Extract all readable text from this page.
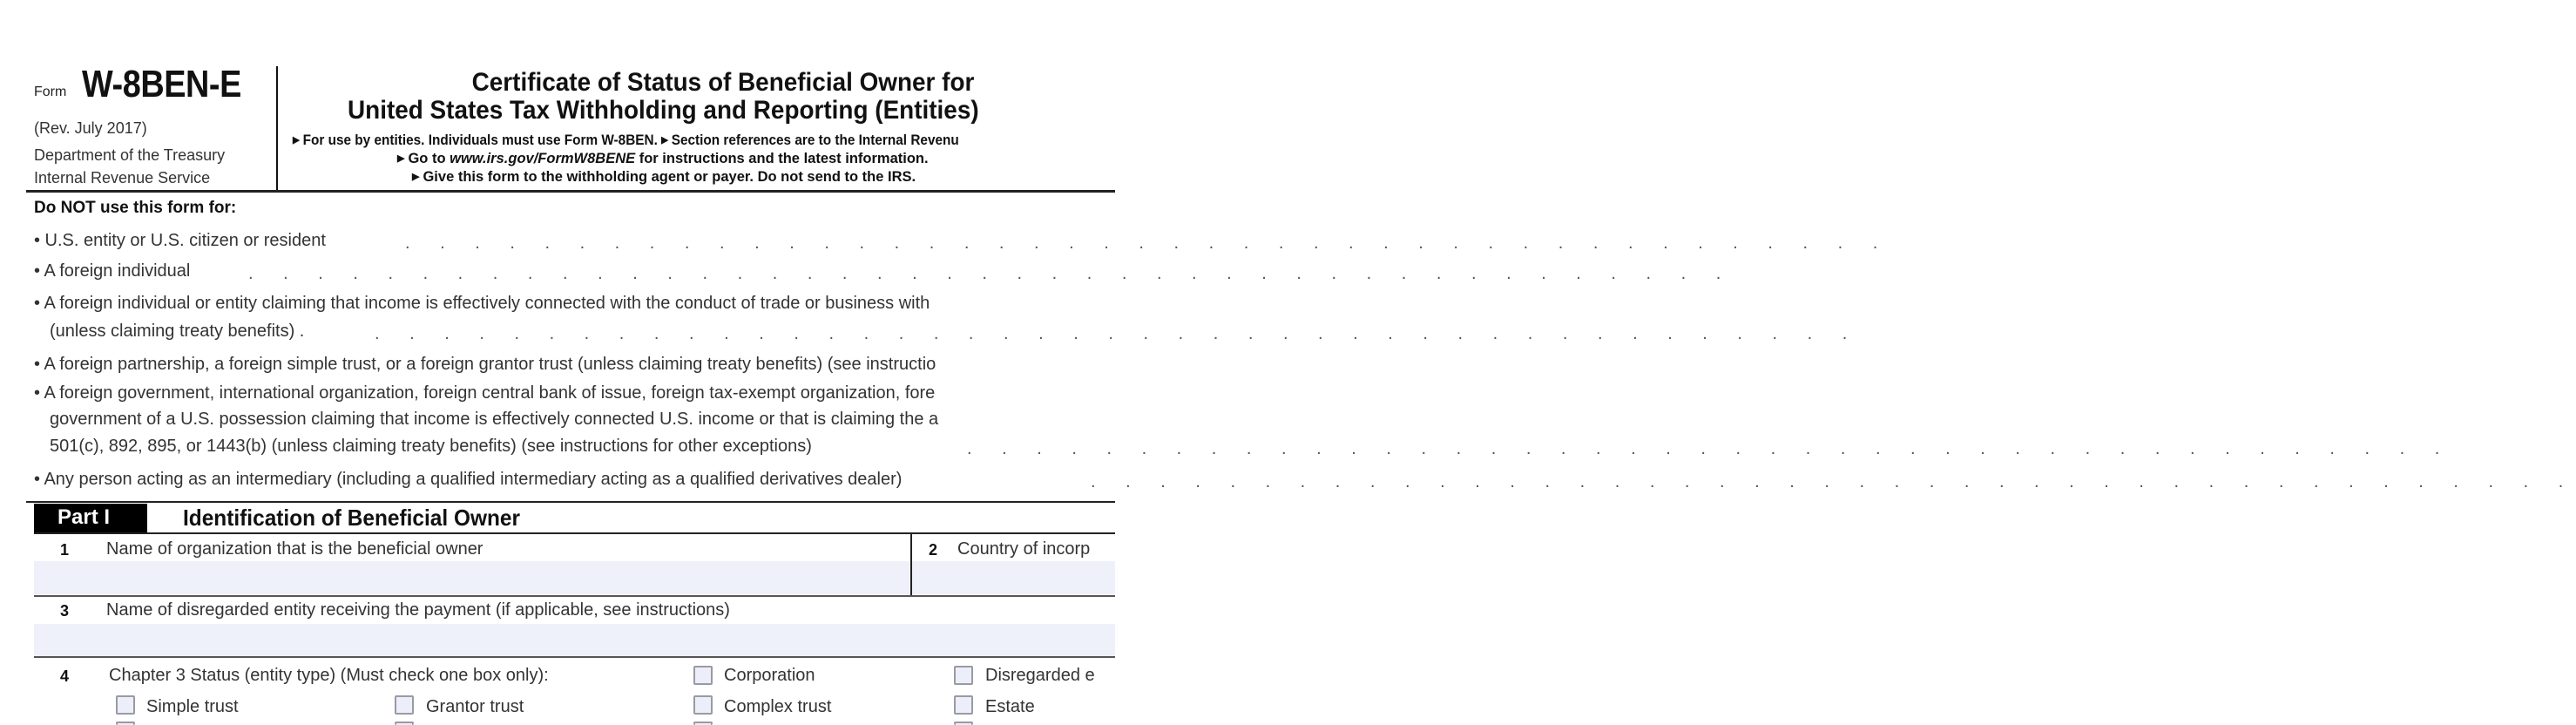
Form W-8BEN-E
(Rev. July 2017)
Department of the Treasury
Internal Revenue Service
Certificate of Status of Beneficial Owner for
United States Tax Withholding and Reporting (Entities)
▶ For use by entities. Individuals must use Form W-8BEN. ▶ Section references are to the Internal Revenu
▶ Go to www.irs.gov/FormW8BENE for instructions and the latest information.
▶ Give this form to the withholding agent or payer. Do not send to the IRS.
Do NOT use this form for:
• U.S. entity or U.S. citizen or resident	. . . . . . . . . . . . . . . . . . . . . . . . . . . . . . . . . . . . . . . . . . .
• A foreign individual	. . . . . . . . . . . . . . . . . . . . . . . . . . . . . . . . . . . . . . . . . . .
• A foreign individual or entity claiming that income is effectively connected with the conduct of trade or business with
(unless claiming treaty benefits) .	. . . . . . . . . . . . . . . . . . . . . . . . . . . . . . . . . . . . . . . . . . .
• A foreign partnership, a foreign simple trust, or a foreign grantor trust (unless claiming treaty benefits) (see instructio
• A foreign government, international organization, foreign central bank of issue, foreign tax-exempt organization, fore
government of a U.S. possession claiming that income is effectively connected U.S. income or that is claiming the a
501(c), 892, 895, or 1443(b) (unless claiming treaty benefits) (see instructions for other exceptions)	. . . . . . . . . . . . . . . . . . . . . . . . . . . . . . . . . . . . . . . . . . .
• Any person acting as an intermediary (including a qualified intermediary acting as a qualified derivatives dealer)	. . . . . . . . . . . . . . . . . . . . . . . . . . . . . . . . . . . . . . . . . . .
Part I	Identification of Beneficial Owner
1 Name of organization that is the beneficial owner	2 Country of incorp
3 Name of disregarded entity receiving the payment (if applicable, see instructions)
4 Chapter 3 Status (entity type) (Must check one box only):	Corporation	Disregarded e
Simple trust	Grantor trust	Complex trust	Estate
